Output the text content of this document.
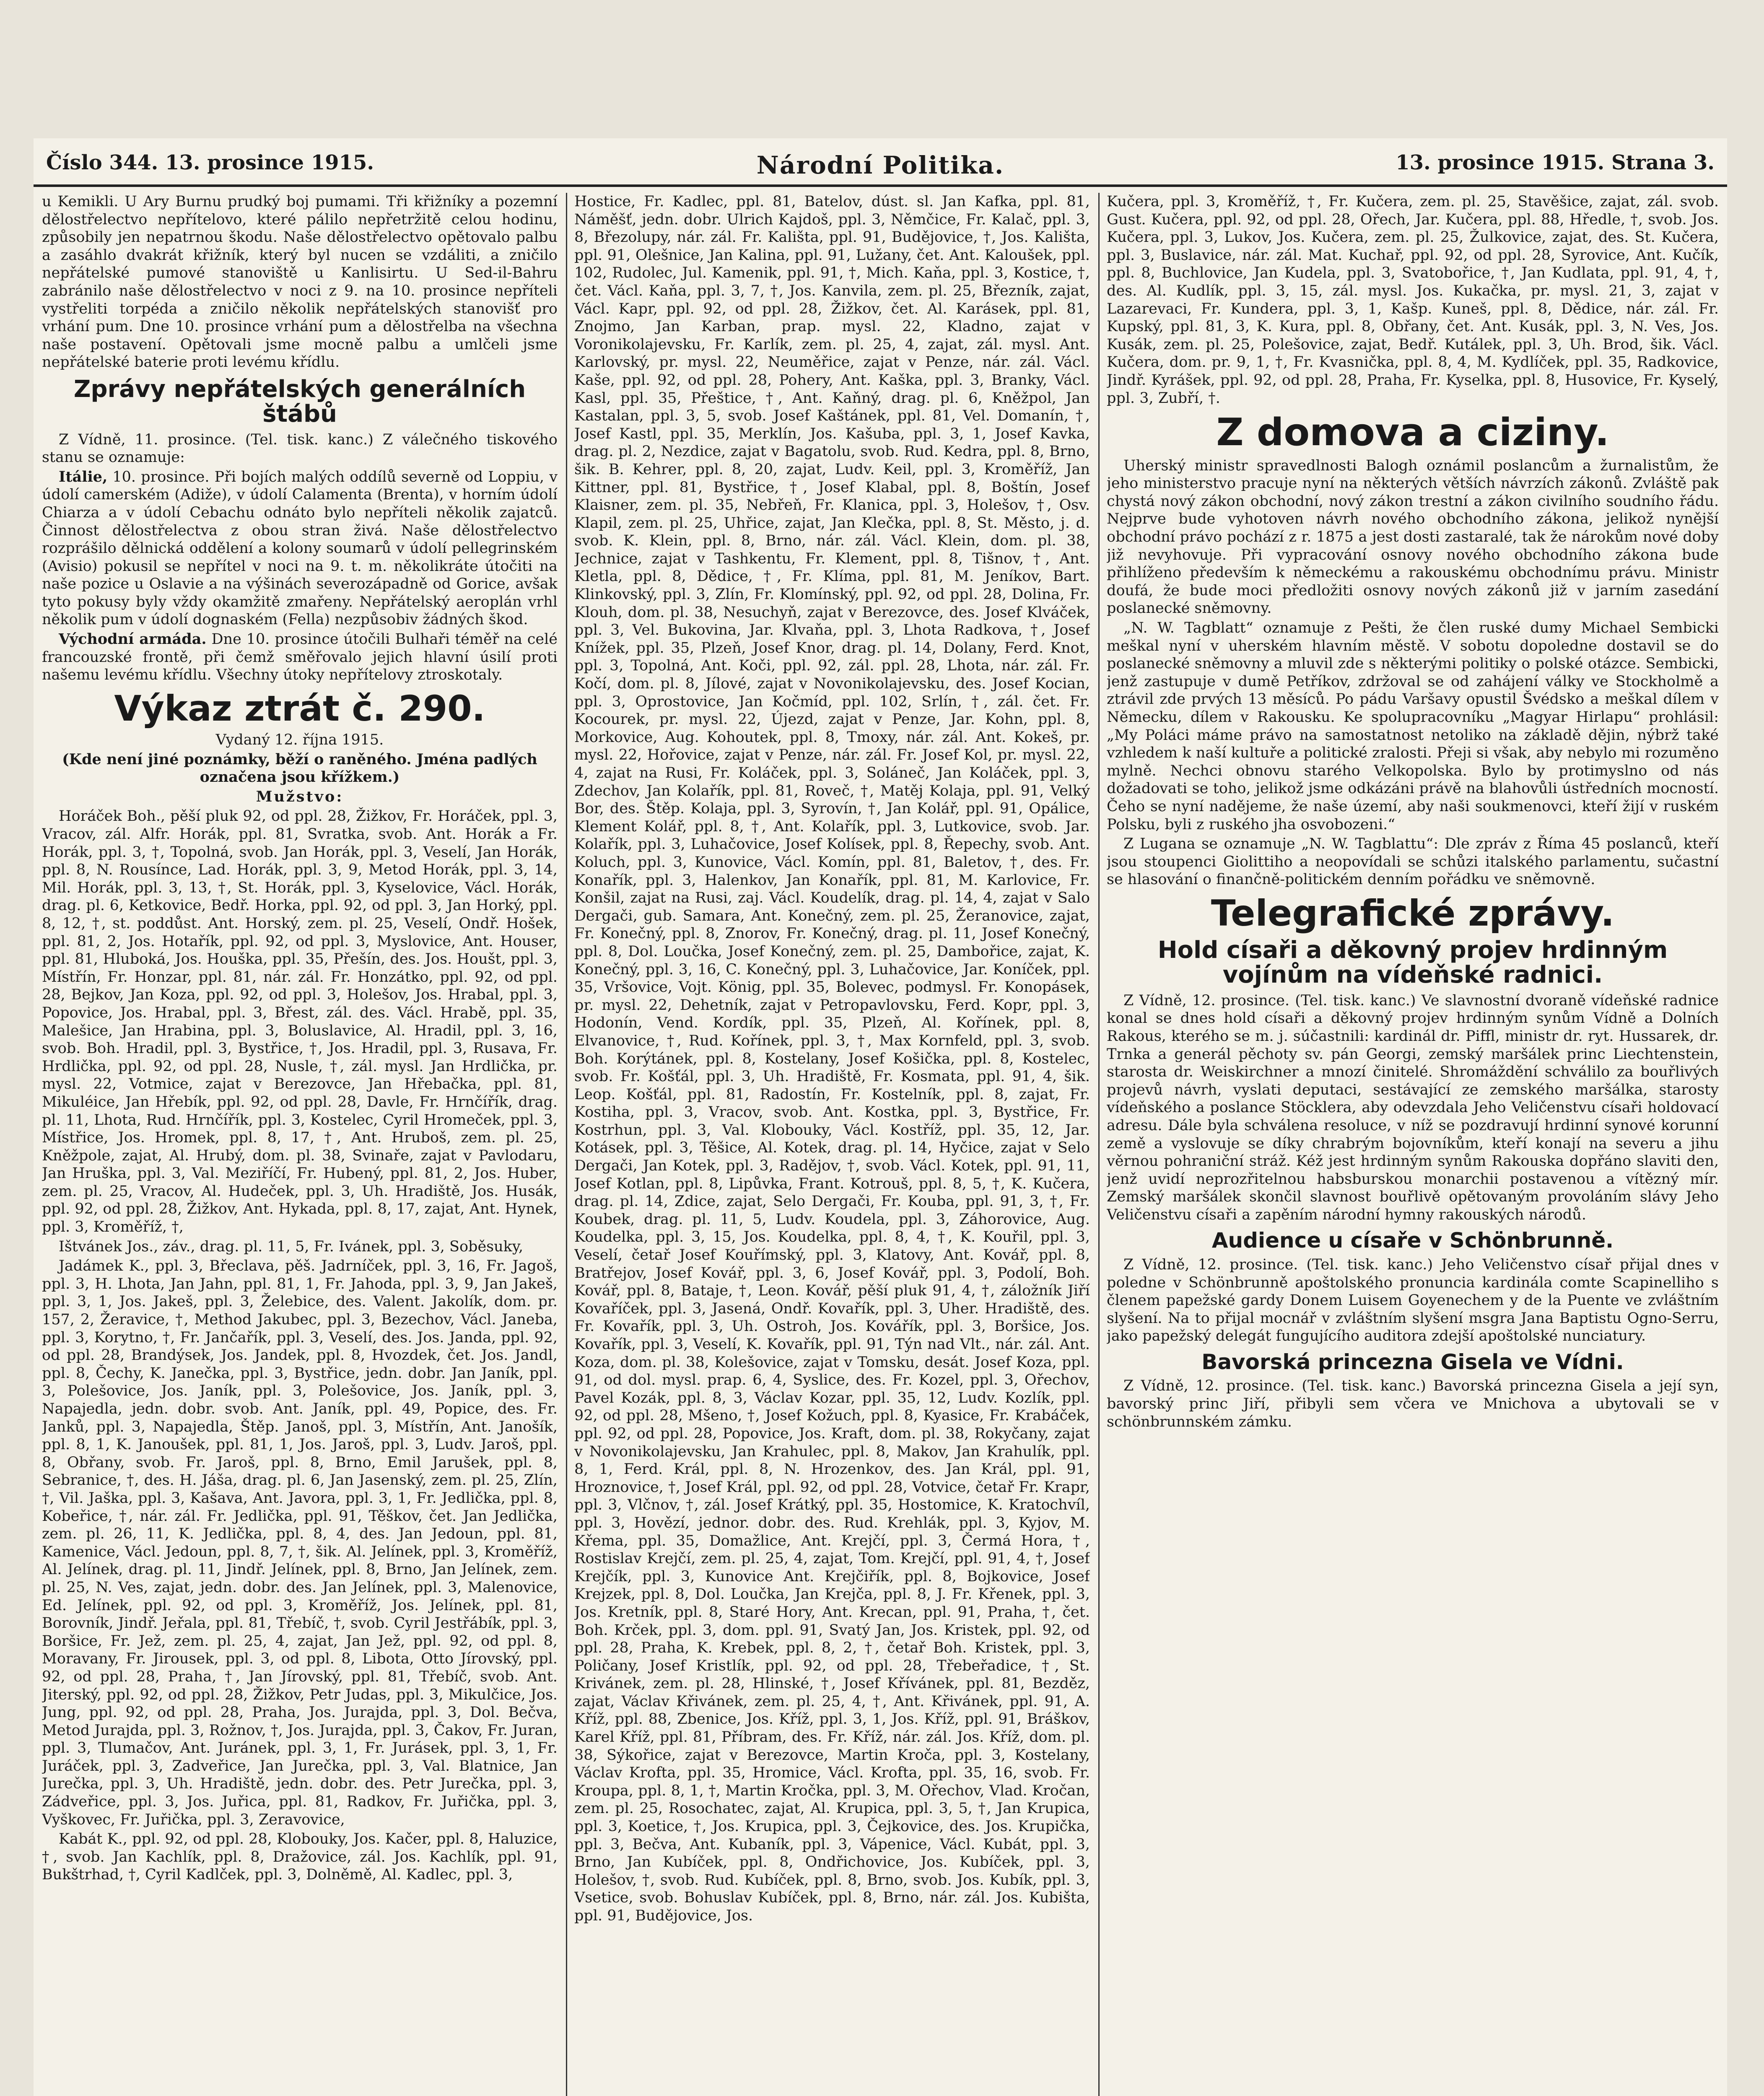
Číslo 344. 13. prosince 1915.	Národní Politika.	13. prosince 1915. Strana 3.

u Kemikli. U Ary Burnu prudký boj pumami. Tři křižníky a pozemní dělostřelectvo nepřítelovo, které pálilo nepřetržitě celou hodinu, způsobily jen nepatrnou škodu. Naše dělostřelectvo opětovalo palbu a zasáhlo dvakrát křižník, který byl nucen se vzdáliti, a zničilo nepřátelské pumové stanoviště u Kanlisirtu. U Sed-il-Bahru zabránilo naše dělostřelectvo v noci z 9. na 10. prosince nepříteli vystřeliti torpéda a zničilo několik nepřátelských stanovišť pro vrhání pum. Dne 10. prosince vrhání pum a dělostřelba na všechna naše postavení. Opětovali jsme mocně palbu a umlčeli jsme nepřátelské baterie proti levému křídlu.

Zprávy nepřátelských generálních štábů

Z Vídně, 11. prosince. (Tel. tisk. kanc.) Z válečného tiskového stanu se oznamuje:

Itálie, 10. prosince. Při bojích malých oddílů severně od Loppiu, v údolí camerském (Adiže), v údolí Calamenta (Brenta), v horním údolí Chiarza a v údolí Cebachu odnáto bylo nepříteli několik zajatců. Činnost dělostřelectva z obou stran živá. Naše dělostřelectvo rozprášilo dělnická oddělení a kolony soumarů v údolí pellegrinském (Avisio) pokusil se nepřítel v noci na 9. t. m. několikráte útočiti na naše pozice u Oslavie a na výšinách severozápadně od Gorice, avšak tyto pokusy byly vždy okamžitě zmařeny. Nepřátelský aeroplán vrhl několik pum v údolí dognaském (Fella) nezpůsobiv žádných škod.

Východní armáda. Dne 10. prosince útočili Bulhaři téměř na celé francouzské frontě, při čemž směřovalo jejich hlavní úsilí proti našemu levému křídlu. Všechny útoky nepřítelovy ztroskotaly.

Výkaz ztrát č. 290.

Vydaný 12. října 1915.

(Kde není jiné poznámky, běží o raněného. Jména padlých označena jsou křížkem.)

Mužstvo:

Horáček Boh., pěší pluk 92, od ppl. 28, Žižkov, Fr. Horáček, ppl. 3, Vracov, zál. Alfr. Horák, ppl. 81, Svratka, svob. Ant. Horák a Fr. Horák, ppl. 3, †, Topolná, svob. Jan Horák, ppl. 3, Veselí, Jan Horák, ppl. 8, N. Rousínce, Lad. Horák, ppl. 3, 9, Metod Horák, ppl. 3, 14, Mil. Horák, ppl. 3, 13, †, St. Horák, ppl. 3, Kyselovice, Václ. Horák, drag. pl. 6, Ketkovice, Bedř. Horka, ppl. 92, od ppl. 3, Jan Horký, ppl. 8, 12, †, st. poddůst. Ant. Horský, zem. pl. 25, Veselí, Ondř. Hošek, ppl. 81, 2, Jos. Hotařík, ppl. 92, od ppl. 3, Myslovice, Ant. Houser, ppl. 81, Hluboká, Jos. Houška, ppl. 35, Přešín, des. Jos. Houšt, ppl. 3, Místřín, Fr. Honzar, ppl. 81, nár. zál. Fr. Honzátko, ppl. 92, od ppl. 28, Bejkov, Jan Koza, ppl. 92, od ppl. 3, Holešov, Jos. Hrabal, ppl. 3, Popovice, Jos. Hrabal, ppl. 3, Břest, zál. des. Václ. Hrabě, ppl. 35, Malešice, Jan Hrabina, ppl. 3, Boluslavice, Al. Hradil, ppl. 3, 16, svob. Boh. Hradil, ppl. 3, Bystřice, †, Jos. Hradil, ppl. 3, Rusava, Fr. Hrdlička, ppl. 92, od ppl. 28, Nusle, †, zál. mysl. Jan Hrdlička, pr. mysl. 22, Votmice, zajat v Berezovce, Jan Hřebačka, ppl. 81, Mikuléice, Jan Hřebík, ppl. 92, od ppl. 28, Davle, Fr. Hrnčířík, drag. pl. 11, Lhota, Rud. Hrnčířík, ppl. 3, Kostelec, Cyril Hromeček, ppl. 3, Místřice, Jos. Hromek, ppl. 8, 17, †, Ant. Hruboš, zem. pl. 25, Kněžpole, zajat, Al. Hrubý, dom. pl. 38, Svinaře, zajat v Pavlodaru, Jan Hruška, ppl. 3, Val. Meziříčí, Fr. Hubený, ppl. 81, 2, Jos. Huber, zem. pl. 25, Vracov, Al. Hudeček, ppl. 3, Uh. Hradiště, Jos. Husák, ppl. 92, od ppl. 28, Žižkov, Ant. Hykada, ppl. 8, 17, zajat, Ant. Hynek, ppl. 3, Kroměříž, †,

Ištvánek Jos., záv., drag. pl. 11, 5, Fr. Ivánek, ppl. 3, Soběsuky,

Jadámek K., ppl. 3, Břeclava, pěš. Jadrníček, ppl. 3, 16, Fr. Jagoš, ppl. 3, H. Lhota, Jan Jahn, ppl. 81, 1, Fr. Jahoda, ppl. 3, 9, Jan Jakeš, ppl. 3, 1, Jos. Jakeš, ppl. 3, Želebice, des. Valent. Jakolík, dom. pr. 157, 2, Žeravice, †, Method Jakubec, ppl. 3, Bezechov, Václ. Janeba, ppl. 3, Korytno, †, Fr. Jančařík, ppl. 3, Veselí, des. Jos. Janda, ppl. 92, od ppl. 28, Brandýsek, Jos. Jandek, ppl. 8, Hvozdek, čet. Jos. Jandl, ppl. 8, Čechy, K. Janečka, ppl. 3, Bystřice, jedn. dobr. Jan Janík, ppl. 3, Polešovice, Jos. Janík, ppl. 3, Polešovice, Jos. Janík, ppl. 3, Napajedla, jedn. dobr. svob. Ant. Janík, ppl. 49, Popice, des. Fr. Janků, ppl. 3, Napajedla, Štěp. Janoš, ppl. 3, Místřín, Ant. Janošík, ppl. 8, 1, K. Janoušek, ppl. 81, 1, Jos. Jaroš, ppl. 3, Ludv. Jaroš, ppl. 8, Obřany, svob. Fr. Jaroš, ppl. 8, Brno, Emil Jarušek, ppl. 8, Sebranice, †, des. H. Jáša, drag. pl. 6, Jan Jasenský, zem. pl. 25, Zlín, †, Vil. Jaška, ppl. 3, Kašava, Ant. Javora, ppl. 3, 1, Fr. Jedlička, ppl. 8, Kobeřice, †, nár. zál. Fr. Jedlička, ppl. 91, Těškov, čet. Jan Jedlička, zem. pl. 26, 11, K. Jedlička, ppl. 8, 4, des. Jan Jedoun, ppl. 81, Kamenice, Václ. Jedoun, ppl. 8, 7, †, šik. Al. Jelínek, ppl. 3, Kroměříž, Al. Jelínek, drag. pl. 11, Jindř. Jelínek, ppl. 8, Brno, Jan Jelínek, zem. pl. 25, N. Ves, zajat, jedn. dobr. des. Jan Jelínek, ppl. 3, Malenovice, Ed. Jelínek, ppl. 92, od ppl. 3, Kroměříž, Jos. Jelínek, ppl. 81, Borovník, Jindř. Jeřala, ppl. 81, Třebíč, †, svob. Cyril Jestřábík, ppl. 3, Boršice, Fr. Jež, zem. pl. 25, 4, zajat, Jan Jež, ppl. 92, od ppl. 8, Moravany, Fr. Jirousek, ppl. 3, od ppl. 8, Libota, Otto Jírovský, ppl. 92, od ppl. 28, Praha, †, Jan Jírovský, ppl. 81, Třebíč, svob. Ant. Jiterský, ppl. 92, od ppl. 28, Žižkov, Petr Judas, ppl. 3, Mikulčice, Jos. Jung, ppl. 92, od ppl. 28, Praha, Jos. Jurajda, ppl. 3, Dol. Bečva, Metod Jurajda, ppl. 3, Rožnov, †, Jos. Jurajda, ppl. 3, Čakov, Fr. Juran, ppl. 3, Tlumačov, Ant. Juránek, ppl. 3, 1, Fr. Jurásek, ppl. 3, 1, Fr. Juráček, ppl. 3, Zadveřice, Jan Jurečka, ppl. 3, Val. Blatnice, Jan Jurečka, ppl. 3, Uh. Hradiště, jedn. dobr. des. Petr Jurečka, ppl. 3, Zádveřice, ppl. 3, Jos. Juřica, ppl. 81, Radkov, Fr. Juřička, ppl. 3, Vyškovec, Fr. Juřička, ppl. 3, Zeravovice,

Kabát K., ppl. 92, od ppl. 28, Klobouky, Jos. Kačer, ppl. 8, Haluzice, †, svob. Jan Kachlík, ppl. 8, Dražovice, zál. Jos. Kachlík, ppl. 91, Bukštrhad, †, Cyril Kadlček, ppl. 3, Dolněmě, Al. Kadlec, ppl. 3,

Hostice, Fr. Kadlec, ppl. 81, Batelov, dúst. sl. Jan Kafka, ppl. 81, Náměšť, jedn. dobr. Ulrich Kajdoš, ppl. 3, Němčice, Fr. Kalač, ppl. 3, 8, Březolupy, nár. zál. Fr. Kališta, ppl. 91, Budějovice, †, Jos. Kališta, ppl. 91, Olešnice, Jan Kalina, ppl. 91, Lužany, čet. Ant. Kaloušek, ppl. 102, Rudolec, Jul. Kamenik, ppl. 91, †, Mich. Kaňa, ppl. 3, Kostice, †, čet. Václ. Kaňa, ppl. 3, 7, †, Jos. Kanvila, zem. pl. 25, Březník, zajat, Václ. Kapr, ppl. 92, od ppl. 28, Žižkov, čet. Al. Karásek, ppl. 81, Znojmo, Jan Karban, prap. mysl. 22, Kladno, zajat v Voronikolajevsku, Fr. Karlík, zem. pl. 25, 4, zajat, zál. mysl. Ant. Karlovský, pr. mysl. 22, Neuměřice, zajat v Penze, nár. zál. Václ. Kaše, ppl. 92, od ppl. 28, Pohery, Ant. Kaška, ppl. 3, Branky, Václ. Kasl, ppl. 35, Přeštice, †, Ant. Kaňný, drag. pl. 6, Kněžpol, Jan Kastalan, ppl. 3, 5, svob. Josef Kaštánek, ppl. 81, Vel. Domanín, †, Josef Kastl, ppl. 35, Merklín, Jos. Kašuba, ppl. 3, 1, Josef Kavka, drag. pl. 2, Nezdice, zajat v Bagatolu, svob. Rud. Kedra, ppl. 8, Brno, šik. B. Kehrer, ppl. 8, 20, zajat, Ludv. Keil, ppl. 3, Kroměříž, Jan Kittner, ppl. 81, Bystřice, †, Josef Klabal, ppl. 8, Boštín, Josef Klaisner, zem. pl. 35, Nebřeň, Fr. Klanica, ppl. 3, Holešov, †, Osv. Klapil, zem. pl. 25, Uhřice, zajat, Jan Klečka, ppl. 8, St. Město, j. d. svob. K. Klein, ppl. 8, Brno, nár. zál. Václ. Klein, dom. pl. 38, Jechnice, zajat v Tashkentu, Fr. Klement, ppl. 8, Tišnov, †, Ant. Kletla, ppl. 8, Dědice, †, Fr. Klíma, ppl. 81, M. Jeníkov, Bart. Klinkovský, ppl. 3, Zlín, Fr. Klomínský, ppl. 92, od ppl. 28, Dolina, Fr. Klouh, dom. pl. 38, Nesuchyň, zajat v Berezovce, des. Josef Klváček, ppl. 3, Vel. Bukovina, Jar. Klvaňa, ppl. 3, Lhota Radkova, †, Josef Knížek, ppl. 35, Plzeň, Josef Knor, drag. pl. 14, Dolany, Ferd. Knot, ppl. 3, Topolná, Ant. Koči, ppl. 92, zál. ppl. 28, Lhota, nár. zál. Fr. Kočí, dom. pl. 8, Jílové, zajat v Novonikolajevsku, des. Josef Kocian, ppl. 3, Oprostovice, Jan Kočmíd, ppl. 102, Srlín, †, zál. čet. Fr. Kocourek, pr. mysl. 22, Újezd, zajat v Penze, Jar. Kohn, ppl. 8, Morkovice, Aug. Kohoutek, ppl. 8, Tmoxy, nár. zál. Ant. Kokeš, pr. mysl. 22, Hořovice, zajat v Penze, nár. zál. Fr. Josef Kol, pr. mysl. 22, 4, zajat na Rusi, Fr. Koláček, ppl. 3, Soláneč, Jan Koláček, ppl. 3, Zdechov, Jan Kolařík, ppl. 81, Roveč, †, Matěj Kolaja, ppl. 91, Velký Bor, des. Štěp. Kolaja, ppl. 3, Syrovín, †, Jan Kolář, ppl. 91, Opálice, Klement Kolář, ppl. 8, †, Ant. Kolařík, ppl. 3, Lutkovice, svob. Jar. Kolařík, ppl. 3, Luhačovice, Josef Kolísek, ppl. 8, Řepechy, svob. Ant. Koluch, ppl. 3, Kunovice, Václ. Komín, ppl. 81, Baletov, †, des. Fr. Konařík, ppl. 3, Halenkov, Jan Konařík, ppl. 81, M. Karlovice, Fr. Konšil, zajat na Rusi, zaj. Václ. Koudelík, drag. pl. 14, 4, zajat v Salo Dergači, gub. Samara, Ant. Konečný, zem. pl. 25, Žeranovice, zajat, Fr. Konečný, ppl. 8, Znorov, Fr. Konečný, drag. pl. 11, Josef Konečný, ppl. 8, Dol. Loučka, Josef Konečný, zem. pl. 25, Dambořice, zajat, K. Konečný, ppl. 3, 16, C. Konečný, ppl. 3, Luhačovice, Jar. Koníček, ppl. 35, Vršovice, Vojt. König, ppl. 35, Bolevec, podmysl. Fr. Konopásek, pr. mysl. 22, Dehetník, zajat v Petropavlovsku, Ferd. Kopr, ppl. 3, Hodonín, Vend. Kordík, ppl. 35, Plzeň, Al. Kořínek, ppl. 8, Elvanovice, †, Rud. Kořínek, ppl. 3, †, Max Kornfeld, ppl. 3, svob. Boh. Korýtánek, ppl. 8, Kostelany, Josef Košička, ppl. 8, Kostelec, svob. Fr. Košťál, ppl. 3, Uh. Hradiště, Fr. Kosmata, ppl. 91, 4, šik. Leop. Košťál, ppl. 81, Radostín, Fr. Kostelník, ppl. 8, zajat, Fr. Kostiha, ppl. 3, Vracov, svob. Ant. Kostka, ppl. 3, Bystřice, Fr. Kostrhun, ppl. 3, Val. Klobouky, Václ. Kostříž, ppl. 35, 12, Jar. Kotásek, ppl. 3, Těšice, Al. Kotek, drag. pl. 14, Hyčice, zajat v Selo Dergači, Jan Kotek, ppl. 3, Radějov, †, svob. Václ. Kotek, ppl. 91, 11, Josef Kotlan, ppl. 8, Lipůvka, Frant. Kotrouš, ppl. 8, 5, †, K. Kučera, drag. pl. 14, Zdice, zajat, Selo Dergači, Fr. Kouba, ppl. 91, 3, †, Fr. Koubek, drag. pl. 11, 5, Ludv. Koudela, ppl. 3, Záhorovice, Aug. Koudelka, ppl. 3, 15, Jos. Koudelka, ppl. 8, 4, †, K. Kouřil, ppl. 3, Veselí, četař Josef Kouřímský, ppl. 3, Klatovy, Ant. Kovář, ppl. 8, Bratřejov, Josef Kovář, ppl. 3, 6, Josef Kovář, ppl. 3, Podolí, Boh. Kovář, ppl. 8, Bataje, †, Leon. Kovář, pěší pluk 91, 4, †, záložník Jiří Kovaříček, ppl. 3, Jasená, Ondř. Kovařík, ppl. 3, Uher. Hradiště, des. Fr. Kovařík, ppl. 3, Uh. Ostroh, Jos. Kovářík, ppl. 3, Boršice, Jos. Kovařík, ppl. 3, Veselí, K. Kovařík, ppl. 91, Týn nad Vlt., nár. zál. Ant. Koza, dom. pl. 38, Kolešovice, zajat v Tomsku, desát. Josef Koza, ppl. 91, od dol. mysl. prap. 6, 4, Syslice, des. Fr. Kozel, ppl. 3, Ořechov, Pavel Kozák, ppl. 8, 3, Václav Kozar, ppl. 35, 12, Ludv. Kozlík, ppl. 92, od ppl. 28, Mšeno, †, Josef Kožuch, ppl. 8, Kyasice, Fr. Krabáček, ppl. 92, od ppl. 28, Popovice, Jos. Kraft, dom. pl. 38, Rokyčany, zajat v Novonikolajevsku, Jan Krahulec, ppl. 8, Makov, Jan Krahulík, ppl. 8, 1, Ferd. Král, ppl. 8, N. Hrozenkov, des. Jan Král, ppl. 91, Hroznovice, †, Josef Král, ppl. 92, od ppl. 28, Votvice, četař Fr. Krapr, ppl. 3, Vlčnov, †, zál. Josef Krátký, ppl. 35, Hostomice, K. Kratochvíl, ppl. 3, Hovězí, jednor. dobr. des. Rud. Krehlák, ppl. 3, Kyjov, M. Křema, ppl. 35, Domažlice, Ant. Krejčí, ppl. 3, Čermá Hora, †, Rostislav Krejčí, zem. pl. 25, 4, zajat, Tom. Krejčí, ppl. 91, 4, †, Josef Krejčík, ppl. 3, Kunovice Ant. Krejčiřík, ppl. 8, Bojkovice, Josef Krejzek, ppl. 8, Dol. Loučka, Jan Krejča, ppl. 8, J. Fr. Křenek, ppl. 3, Jos. Kretník, ppl. 8, Staré Hory, Ant. Krecan, ppl. 91, Praha, †, čet. Boh. Krček, ppl. 3, dom. ppl. 91, Svatý Jan, Jos. Kristek, ppl. 92, od ppl. 28, Praha, K. Krebek, ppl. 8, 2, †, četař Boh. Kristek, ppl. 3, Poličany, Josef Kristlík, ppl. 92, od ppl. 28, Třebeřadice, †, St. Krivánek, zem. pl. 28, Hlinské, †, Josef Křívánek, ppl. 81, Bezděz, zajat, Václav Křivánek, zem. pl. 25, 4, †, Ant. Křivánek, ppl. 91, A. Kříž, ppl. 88, Zbenice, Jos. Kříž, ppl. 3, 1, Jos. Kříž, ppl. 91, Bráškov, Karel Kříž, ppl. 81, Příbram, des. Fr. Kříž, nár. zál. Jos. Kříž, dom. pl. 38, Sýkořice, zajat v Berezovce, Martin Kroča, ppl. 3, Kostelany, Václav Krofta, ppl. 35, Hromice, Václ. Krofta, ppl. 35, 16, svob. Fr. Kroupa, ppl. 8, 1, †, Martin Kročka, ppl. 3, M. Ořechov, Vlad. Kročan, zem. pl. 25, Rosochatec, zajat, Al. Krupica, ppl. 3, 5, †, Jan Krupica, ppl. 3, Koetice, †, Jos. Krupica, ppl. 3, Čejkovice, des. Jos. Krupička, ppl. 3, Bečva, Ant. Kubaník, ppl. 3, Vápenice, Václ. Kubát, ppl. 3, Brno, Jan Kubíček, ppl. 8, Ondřichovice, Jos. Kubíček, ppl. 3, Holešov, †, svob. Rud. Kubíček, ppl. 8, Brno, svob. Jos. Kubík, ppl. 3, Vsetice, svob. Bohuslav Kubíček, ppl. 8, Brno, nár. zál. Jos. Kubišta, ppl. 91, Budějovice, Jos.

Kučera, ppl. 3, Kroměříž, †, Fr. Kučera, zem. pl. 25, Stavěšice, zajat, zál. svob. Gust. Kučera, ppl. 92, od ppl. 28, Ořech, Jar. Kučera, ppl. 88, Hředle, †, svob. Jos. Kučera, ppl. 3, Lukov, Jos. Kučera, zem. pl. 25, Žulkovice, zajat, des. St. Kučera, ppl. 3, Buslavice, nár. zál. Mat. Kuchař, ppl. 92, od ppl. 28, Syrovice, Ant. Kučík, ppl. 8, Buchlovice, Jan Kudela, ppl. 3, Svatobořice, †, Jan Kudlata, ppl. 91, 4, †, des. Al. Kudlík, ppl. 3, 15, zál. mysl. Jos. Kukačka, pr. mysl. 21, 3, zajat v Lazarevaci, Fr. Kundera, ppl. 3, 1, Kašp. Kuneš, ppl. 8, Dědice, nár. zál. Fr. Kupský, ppl. 81, 3, K. Kura, ppl. 8, Obřany, čet. Ant. Kusák, ppl. 3, N. Ves, Jos. Kusák, zem. pl. 25, Polešovice, zajat, Bedř. Kutálek, ppl. 3, Uh. Brod, šik. Václ. Kučera, dom. pr. 9, 1, †, Fr. Kvasnička, ppl. 8, 4, M. Kydlíček, ppl. 35, Radkovice, Jindř. Kyrášek, ppl. 92, od ppl. 28, Praha, Fr. Kyselka, ppl. 8, Husovice, Fr. Kyselý, ppl. 3, Zubří, †.

Z domova a ciziny.

Uherský ministr spravedlnosti Balogh oznámil poslancům a žurnalistům, že jeho ministerstvo pracuje nyní na některých větších návrzích zákonů. Zvláště pak chystá nový zákon obchodní, nový zákon trestní a zákon civilního soudního řádu. Nejprve bude vyhotoven návrh nového obchodního zákona, jelikož nynější obchodní právo pochází z r. 1875 a jest dosti zastaralé, tak že nárokům nové doby již nevyhovuje. Při vypracování osnovy nového obchodního zákona bude přihlíženo především k německému a rakouskému obchodnímu právu. Ministr doufá, že bude moci předložiti osnovy nových zákonů již v jarním zasedání poslanecké sněmovny.

„N. W. Tagblatt“ oznamuje z Pešti, že člen ruské dumy Michael Sembicki meškal nyní v uherském hlavním městě. V sobotu dopoledne dostavil se do poslanecké sněmovny a mluvil zde s některými politiky o polské otázce. Sembicki, jenž zastupuje v dumě Petříkov, zdržoval se od zahájení války ve Stockholmě a ztrávil zde prvých 13 měsíců. Po pádu Varšavy opustil Švédsko a meškal dílem v Německu, dílem v Rakousku. Ke spolupracovníku „Magyar Hirlapu“ prohlásil: „My Poláci máme právo na samostatnost netoliko na základě dějin, nýbrž také vzhledem k naší kultuře a politické zralosti. Přeji si však, aby nebylo mi rozuměno mylně. Nechci obnovu starého Velkopolska. Bylo by protimyslno od nás dožadovati se toho, jelikož jsme odkázáni právě na blahovůli ústředních mocností. Čeho se nyní nadějeme, že naše území, aby naši soukmenovci, kteří žijí v ruském Polsku, byli z ruského jha osvobozeni.“

Z Lugana se oznamuje „N. W. Tagblattu“: Dle zpráv z Říma 45 poslanců, kteří jsou stoupenci Giolittiho a neopovídali se schůzi italského parlamentu, sučastní se hlasování o finančně-politickém denním pořádku ve sněmovně.

Telegrafické zprávy.
Hold císaři a děkovný projev hrdinným vojínům na vídeňské radnici.

Z Vídně, 12. prosince. (Tel. tisk. kanc.) Ve slavnostní dvoraně vídeňské radnice konal se dnes hold císaři a děkovný projev hrdinným synům Vídně a Dolních Rakous, kterého se m. j. súčastnili: kardinál dr. Piffl, ministr dr. ryt. Hussarek, dr. Trnka a generál pěchoty sv. pán Georgi, zemský maršálek princ Liechtenstein, starosta dr. Weiskirchner a mnozí činitelé. Shromáždění schválilo za bouřlivých projevů návrh, vyslati deputaci, sestávající ze zemského maršálka, starosty vídeňského a poslance Stöcklera, aby odevzdala Jeho Veličenstvu císaři holdovací adresu. Dále byla schválena resoluce, v níž se pozdravují hrdinní synové korunní země a vyslovuje se díky chrabrým bojovníkům, kteří konají na severu a jihu věrnou pohraniční stráž. Kéž jest hrdinným synům Rakouska dopřáno slaviti den, jenž uvidí neprozřitelnou habsburskou monarchii postavenou a vítězný mír. Zemský maršálek skončil slavnost bouřlivě opětovaným provoláním slávy Jeho Veličenstvu císaři a zapěním národní hymny rakouských národů.

Audience u císaře v Schönbrunně.

Z Vídně, 12. prosince. (Tel. tisk. kanc.) Jeho Veličenstvo císař přijal dnes v poledne v Schönbrunně apoštolského pronuncia kardinála comte Scapinelliho s členem papežské gardy Donem Luisem Goyenechem y de la Puente ve zvláštním slyšení. Na to přijal mocnář v zvláštním slyšení msgra Jana Baptistu Ogno-Serru, jako papežský delegát fungujícího auditora zdejší apoštolské nunciatury.

Bavorská princezna Gisela ve Vídni.

Z Vídně, 12. prosince. (Tel. tisk. kanc.) Bavorská princezna Gisela a její syn, bavorský princ Jiří, přibyli sem včera ve Mnichova a ubytovali se v schönbrunnském zámku.
